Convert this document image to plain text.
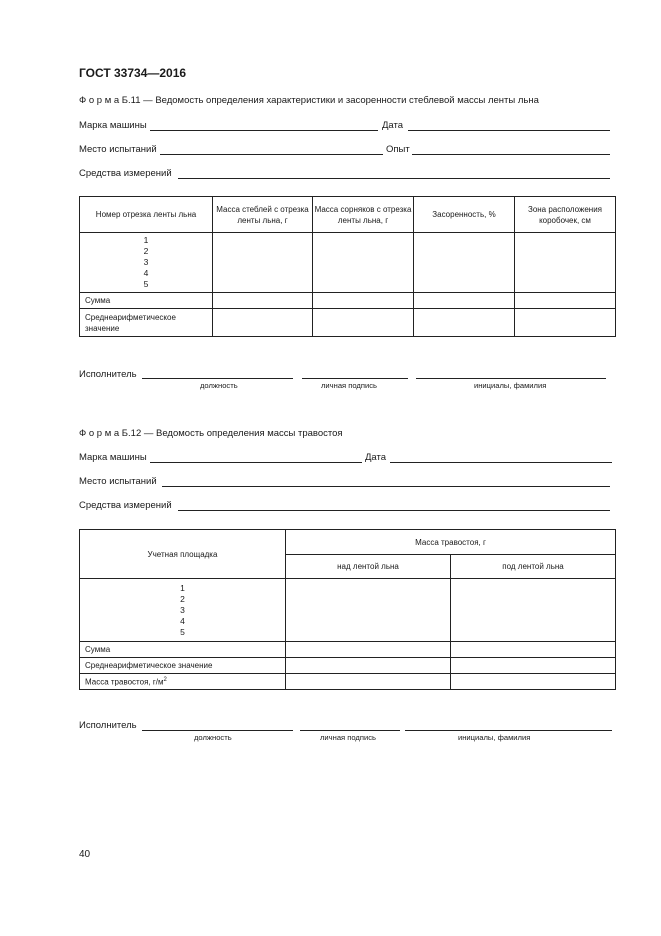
ГОСТ 33734—2016
Ф о р м а Б.11 — Ведомость определения характеристики и засоренности стеблевой массы ленты льна
Марка машины	Дата
Место испытаний	Опыт
Средства измерений
Номер отрезка ленты льна	Масса стеблей с отрезка ленты льна, г	Масса сорняков с отрезка ленты льна, г	Засоренность, %	Зона расположения коробочек, см

1
2
3
4
5				

Сумма				
Среднеарифметическое значение				
Исполнитель
должность	личная подпись	инициалы, фамилия
Ф о р м а Б.12 — Ведомость определения массы травостоя
Марка машины	Дата
Место испытаний
Средства измерений
Учетная площадка	Масса травостоя, г	
	над лентой льна	под лентой льна

1
2
3
4
5		

Сумма		
Среднеарифметическое значение		
Масса травостоя, $г/м^2$		
Исполнитель
должность	личная подпись	инициалы, фамилия
40
